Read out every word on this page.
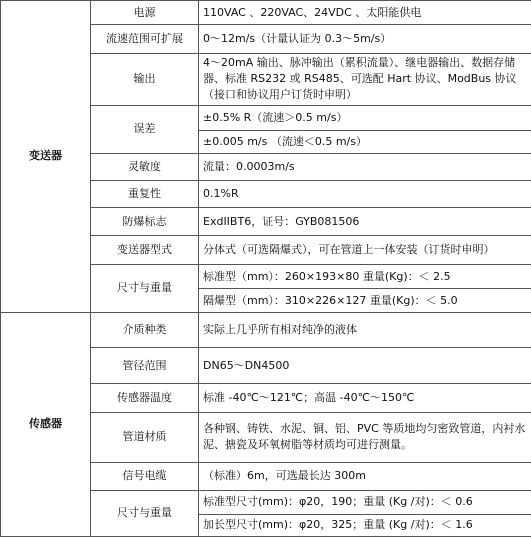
变送器	电源	110VAC 、220VAC、24VDC 、太阳能供电
	流速范围可扩展	0～12m/s（计量认证为 0.3～5m/s）
	输出	4～20mA 输出、脉冲输出（累积流量）、继电器输出、数据存储器、标准 RS232 或 RS485、可选配 Hart 协议、ModBus 协议（接口和协议用户订货时申明）
	误差	±0.5% R（流速＞0.5 m/s）
		±0.005 m/s （流速＜0.5 m/s）
	灵敏度	流量：0.0003m/s
	重复性	0.1%R
	防爆标志	ExdIIBT6，证号：GYB081506
	变送器型式	分体式（可选隔爆式），可在管道上一体安装（订货时申明）
	尺寸与重量	标准型（mm）：260×193×80 重量(Kg)：＜ 2.5
		隔爆型（mm）：310×226×127 重量(Kg)：＜ 5.0
传感器	介质种类	实际上几乎所有相对纯净的液体
	管径范围	DN65～DN4500
	传感器温度	标准 -40℃～121℃；高温 -40℃～150℃
	管道材质	各种钢、铸铁、水泥、铜、铝、PVC 等质地均匀密致管道，内衬水泥、搪瓷及环氧树脂等材质均可进行测量。
	信号电缆	（标准）6m，可选最长达 300m
	尺寸与重量	标准型尺寸(mm)：φ20，190；重量 (Kg /对)：＜ 0.6
		加长型尺寸(mm)：φ20，325；重量 (Kg /对)：＜ 1.6
